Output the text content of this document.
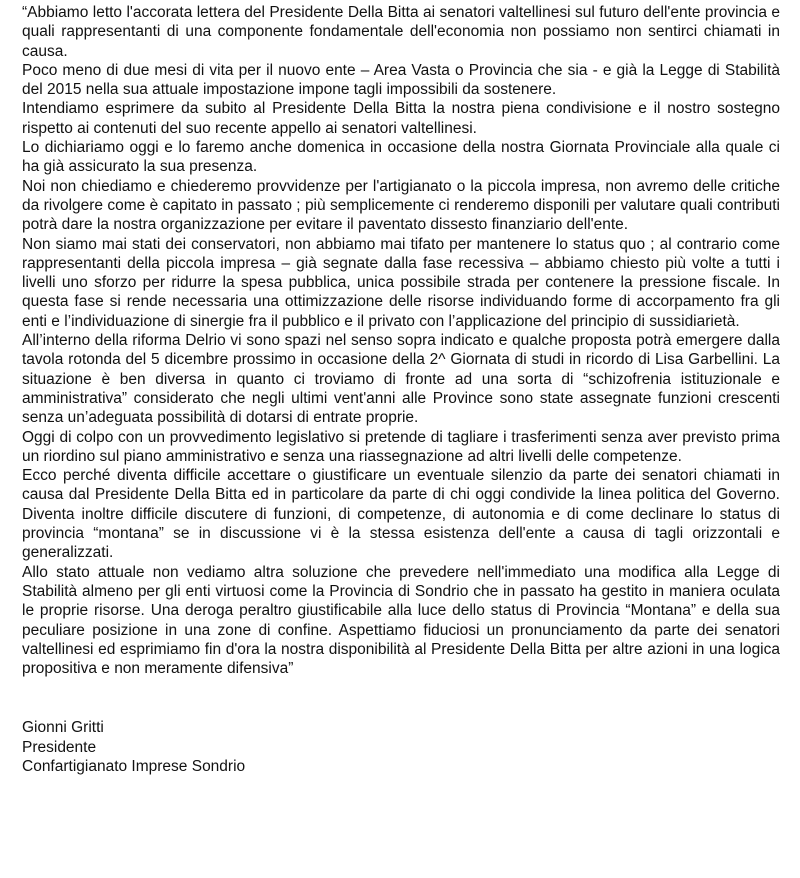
“Abbiamo letto l'accorata lettera del Presidente Della Bitta ai senatori valtellinesi sul futuro dell'ente provincia e quali rappresentanti di una componente fondamentale dell'economia non possiamo non sentirci chiamati in causa.

Poco meno di due mesi di vita per il nuovo ente – Area Vasta o Provincia che sia - e già la Legge di Stabilità del 2015 nella sua attuale impostazione impone tagli impossibili da sostenere.

Intendiamo esprimere da subito al Presidente Della Bitta la nostra piena condivisione e il nostro sostegno rispetto ai contenuti del suo recente appello ai senatori valtellinesi.

Lo dichiariamo oggi e lo faremo anche domenica in occasione della nostra Giornata Provinciale alla quale ci ha già assicurato la sua presenza.

Noi non chiediamo e chiederemo provvidenze per l'artigianato o la piccola impresa, non avremo delle critiche da rivolgere come è capitato in passato ; più semplicemente ci renderemo disponili per valutare quali contributi potrà dare la nostra organizzazione per evitare il paventato dissesto finanziario dell'ente.

Non siamo mai stati dei conservatori, non abbiamo mai tifato per mantenere lo status quo ; al contrario come rappresentanti della piccola impresa – già segnate dalla fase recessiva – abbiamo chiesto più volte a tutti i livelli uno sforzo per ridurre la spesa pubblica, unica possibile strada per contenere la pressione fiscale. In questa fase si rende necessaria una ottimizzazione delle risorse individuando forme di accorpamento fra gli enti e l’individuazione di sinergie fra il pubblico e il privato con l’applicazione del principio di sussidiarietà.

All’interno della riforma Delrio vi sono spazi nel senso sopra indicato e qualche proposta potrà emergere dalla tavola rotonda del 5 dicembre prossimo in occasione della 2^ Giornata di studi in ricordo di Lisa Garbellini. La situazione è ben diversa in quanto ci troviamo di fronte ad una sorta di “schizofrenia istituzionale e amministrativa” considerato che negli ultimi vent'anni alle Province sono state assegnate funzioni crescenti senza un’adeguata possibilità di dotarsi di entrate proprie.

Oggi di colpo con un provvedimento legislativo si pretende di tagliare i trasferimenti senza aver previsto prima un riordino sul piano amministrativo e senza una riassegnazione ad altri livelli delle competenze.

Ecco perché diventa difficile accettare o giustificare un eventuale silenzio da parte dei senatori chiamati in causa dal Presidente Della Bitta ed in particolare da parte di chi oggi condivide la linea politica del Governo. Diventa inoltre difficile discutere di funzioni, di competenze, di autonomia e di come declinare lo status di provincia “montana” se in discussione vi è la stessa esistenza dell'ente a causa di tagli orizzontali e generalizzati.

Allo stato attuale non vediamo altra soluzione che prevedere nell'immediato una modifica alla Legge di Stabilità almeno per gli enti virtuosi come la Provincia di Sondrio che in passato ha gestito in maniera oculata le proprie risorse. Una deroga peraltro giustificabile alla luce dello status di Provincia “Montana” e della sua peculiare posizione in una zone di confine. Aspettiamo fiduciosi un pronunciamento da parte dei senatori valtellinesi ed esprimiamo fin d'ora la nostra disponibilità al Presidente Della Bitta per altre azioni in una logica propositiva e non meramente difensiva”

Gionni Gritti
Presidente
Confartigianato Imprese Sondrio
